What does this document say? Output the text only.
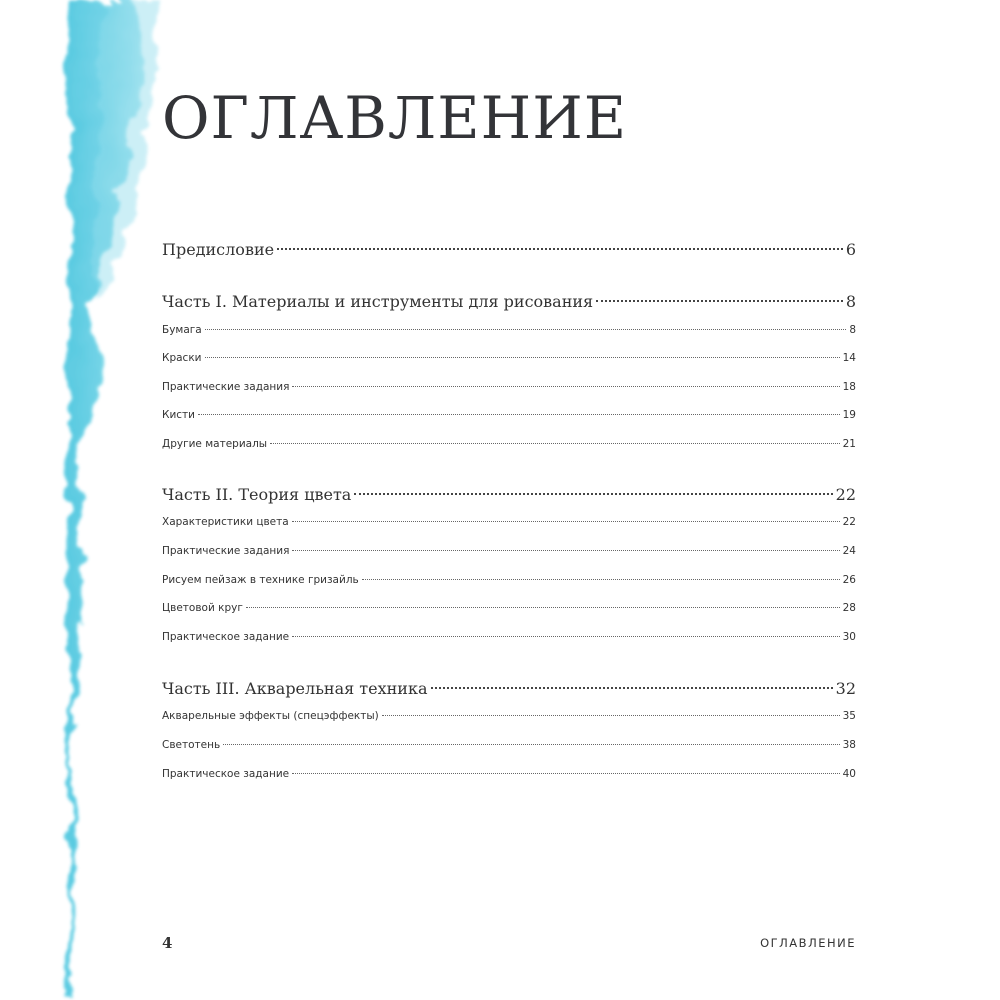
ОГЛАВЛЕНИЕ
Предисловие	6
Часть I. Материалы и инструменты для рисования	8
Бумага	8
Краски	14
Практические задания	18
Кисти	19
Другие материалы	21
Часть II. Теория цвета	22
Характеристики цвета	22
Практические задания	24
Рисуем пейзаж в технике гризайль	26
Цветовой круг	28
Практическое задание	30
Часть III. Акварельная техника	32
Акварельные эффекты (спецэффекты)	35
Светотень	38
Практическое задание	40
4	ОГЛАВЛЕНИЕ
